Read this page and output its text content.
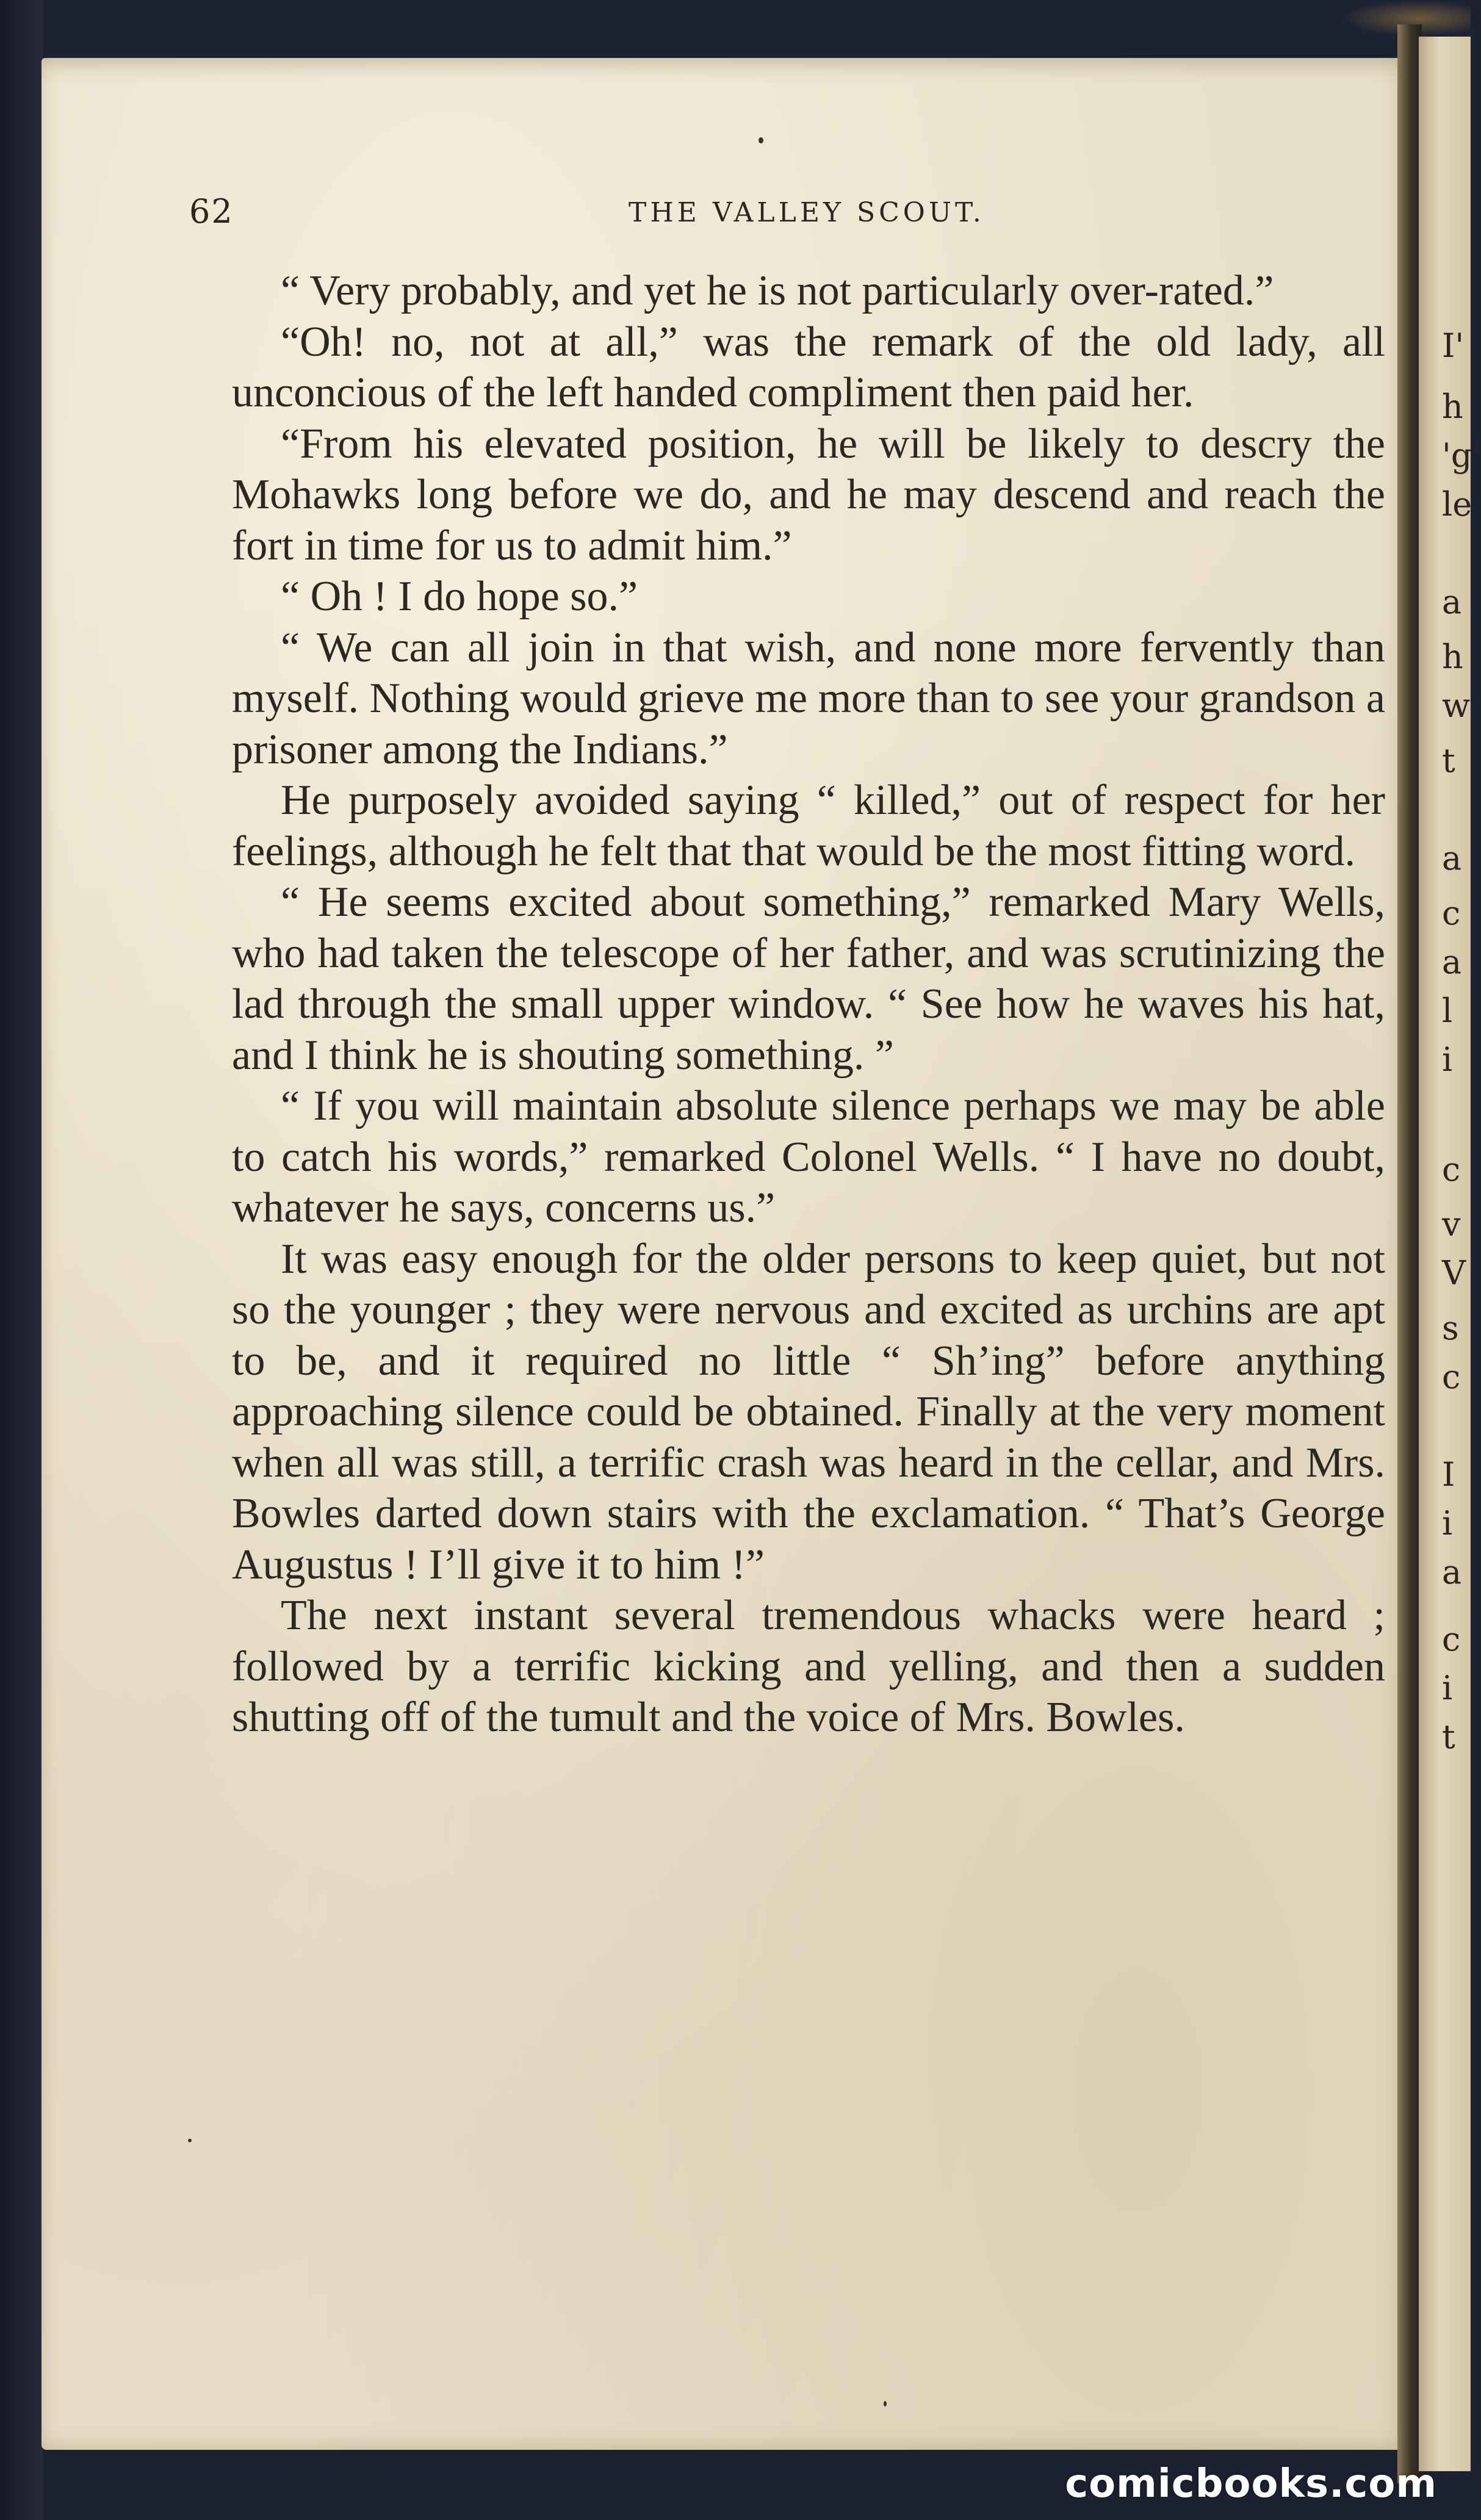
62	THE VALLEY SCOUT.

“ Very probably, and yet he is not particularly over-rated.”

“Oh! no, not at all,” was the remark of the old lady, all unconcious of the left handed compliment then paid her.

“From his elevated position, he will be likely to descry the Mohawks long before we do, and he may descend and reach the fort in time for us to admit him.”

“ Oh ! I do hope so.”

“ We can all join in that wish, and none more fervently than myself. Nothing would grieve me more than to see your grandson a prisoner among the Indians.”

He purposely avoided saying “ killed,” out of respect for her feelings, although he felt that that would be the most fitting word.

“ He seems excited about something,” remarked Mary Wells, who had taken the telescope of her father, and was scrutinizing the lad through the small upper window. “ See how he waves his hat, and I think he is shouting something. ”

“ If you will maintain absolute silence perhaps we may be able to catch his words,” remarked Colonel Wells. “ I have no doubt, whatever he says, concerns us.”

It was easy enough for the older persons to keep quiet, but not so the younger ; they were nervous and excited as urchins are apt to be, and it required no little “ Sh’ing” before anything approaching silence could be obtained. Finally at the very moment when all was still, a terrific crash was heard in the cellar, and Mrs. Bowles darted down stairs with the exclamation. “ That’s George Augustus ! I’ll give it to him !”

The next instant several tremendous whacks were heard ; followed by a terrific kicking and yelling, and then a sudden shutting off of the tumult and the voice of Mrs. Bowles.

I'
h
'g'
le
a
h
w
t
a
c
a
l
i
c
v
V
s
c
I
i
a
c
i
t
comicbooks.com
